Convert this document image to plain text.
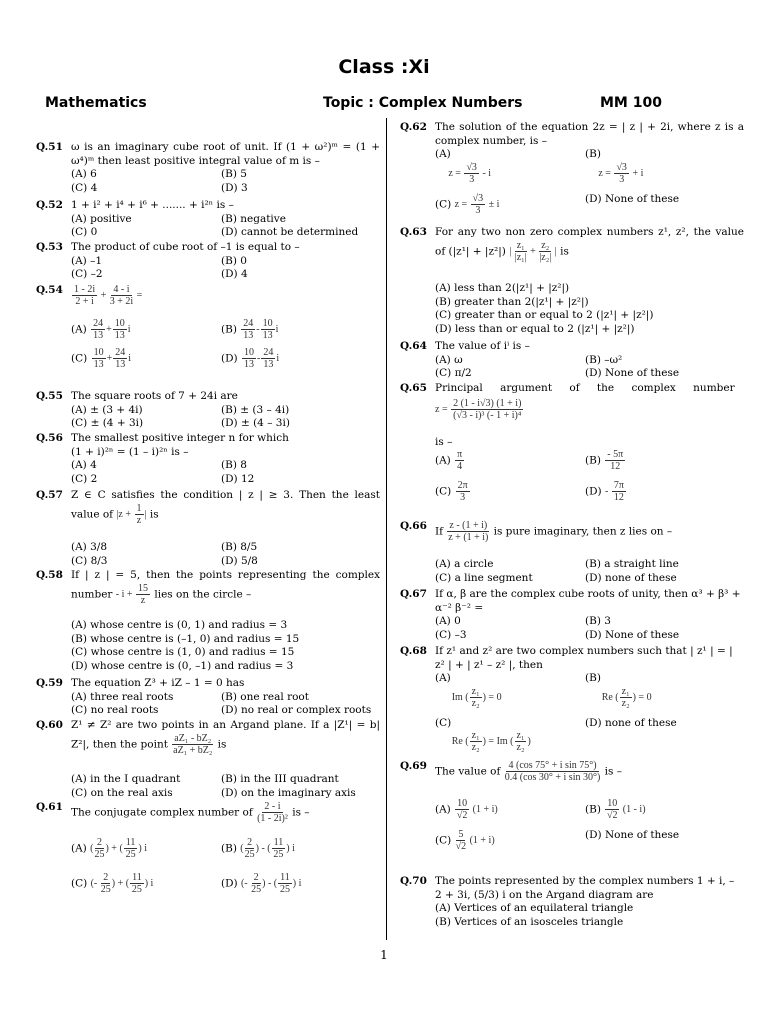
Class :Xi
Mathematics	Topic : Complex Numbers	MM 100
Q.51 ω is an imaginary cube root of unit. If (1 + ω²)ᵐ = (1 + ω⁴)ᵐ then least positive integral value of m is –
(A) 6	(B) 5
(C) 4	(D) 3
Q.52 1 + i² + i⁴ + i⁶ + ....... + i²ⁿ is –
(A) positive	(B) negative
(C) 0	(D) cannot be determined
Q.53 The product of cube root of –1 is equal to –
(A) –1	(B) 0
(C) –2	(D) 4
$Q.54 \frac{1 - 2i}{2 + i} + \frac{4 - i}{3 + 2i}$ =
$(A) \frac{24}{13} + \frac{10}{13}$ i	$(B) \frac{24}{13} - \frac{10}{13}$ i
$(C) \frac{10}{13} + \frac{24}{13}$ i	$(D) \frac{10}{13} - \frac{24}{13}$ i
Q.55 The square roots of 7 + 24i are
(A) ± (3 + 4i)	(B) ± (3 – 4i)
(C) ± (4 + 3i)	(D) ± (4 – 3i)
Q.56 The smallest positive integer n for which (1 + i)²ⁿ = (1 – i)²ⁿ is –
(A) 4	(B) 8
(C) 2	(D) 12
Q.57 Z ∈ C satisfies the condition | z | ≥ 3. Then the least value of $|z + \frac{1}{z}$ | is
(A) 3/8	(B) 8/5
(C) 8/3	(D) 5/8
Q.58 If | z | = 5, then the points representing the complex number - $i + \frac{15}{z}$ lies on the circle –
(A) whose centre is (0, 1) and radius = 3
(B) whose centre is (–1, 0) and radius = 15
(C) whose centre is (1, 0) and radius = 15
(D) whose centre is (0, –1) and radius = 3
Q.59 The equation Z³ + iZ – 1 = 0 has
(A) three real roots	(B) one real root
(C) no real roots	(D) no real or complex roots
Q.60 Z¹ ≠ Z² are two points in an Argand plane. If a |Z¹| = b| Z²|, then the point $\frac{\text{aZ₁ - bZ₂}}{\text{aZ₁ + bZ₂}}$ is
(A) in the I quadrant	(B) in the III quadrant
(C) on the real axis	(D) on the imaginary axis
Q.61 The conjugate complex number of $\frac{2 - i}{\text{(1 - 2i)²}}$ is –
(A) ( $\frac{2}{25}$ ) + ( $\frac{11}{25}$ ) i	(B) ( $\frac{2}{25}$ ) - ( $\frac{11}{25}$ ) i
(C) (- $\frac{2}{25}$ ) + ( $\frac{11}{25}$ ) i	(D) (- $\frac{2}{25}$ ) - ( $\frac{11}{25}$ ) i
Q.62 The solution of the equation 2z = | z | + 2i, where z is a complex number, is –
(A)
$z = \frac{√3}{3} - i$
(B)
$z = \frac{√3}{3} + i$
(C) $z = \frac{√3}{3} \pm i$	(D) None of these
Q.63 For any two non zero complex numbers z¹, z², the value of (|z¹| + |z²|) | $\frac{\text{z₁}}{\text{|z₁|}} + \frac{\text{z₂}}{\text{|z₂|}}$ | is
(A) less than 2(|z¹| + |z²|)
(B) greater than 2(|z¹| + |z²|)
(C) greater than or equal to 2 (|z¹| + |z²|)
(D) less than or equal to 2 (|z¹| + |z²|)
Q.64 The value of iⁱ is –
(A) ω	(B) –ω²
(C) π/2	(D) None of these
Q.65 Principal argument of the complex number
$z = \frac{2 (1 - i√3) (1 + i)}{\text{(√3 - i)³ (- 1 + i)⁴}}$
is –
$(A) \frac{\pi}{4}$	$(B) \frac{- 5\pi}{12}$
$(C) \frac{2\pi}{3}$	$(D) - \frac{7\pi}{12}$
Q.66 If $\frac{z - (1 + i)}{z + (1 + i)}$ is pure imaginary, then z lies on –
(A) a circle	(B) a straight line
(C) a line segment	(D) none of these
Q.67 If α, β are the complex cube roots of unity, then α³ + β³ + α⁻² β⁻² =
(A) 0	(B) 3
(C) –3	(D) None of these
Q.68 If z¹ and z² are two complex numbers such that | z¹ | = | z² | + | z¹ – z² |, then
(A)
Im ( $\frac{\text{z₁}}{\text{z₂}}$ ) = 0
(B)
Re ( $\frac{\text{z₁}}{\text{z₂}}$ ) = 0
(C)
Re ( $\frac{\text{z₁}}{\text{z₂}}$ ) = Im ( $\frac{\text{z₁}}{\text{z₂}}$ )
(D) none of these
Q.69 The value of $\frac{\text{4 (cos 75° + i sin 75°)}}{\text{0.4 (cos 30° + i sin 30°)}}$ is –
$(A) \frac{10}{√2} (1 + i)$	$(B) \frac{10}{√2} (1 - i)$
$(C) \frac{5}{√2} (1 + i)$	(D) None of these
Q.70 The points represented by the complex numbers 1 + i, – 2 + 3i, (5/3) i on the Argand diagram are
(A) Vertices of an equilateral triangle
(B) Vertices of an isosceles triangle
1
